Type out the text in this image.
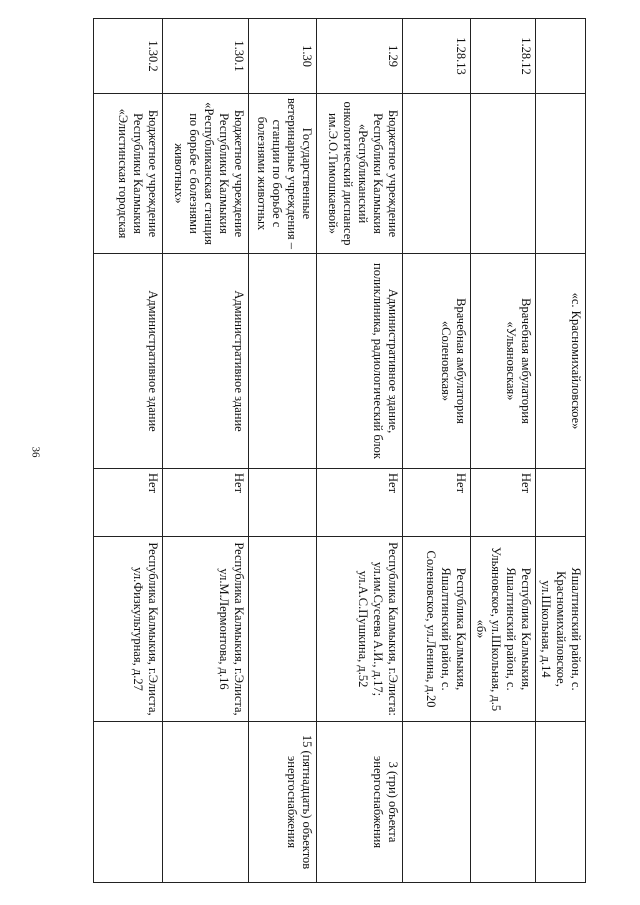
36
		«с. Красномихайловское»		Яшалтинский район, с. Красномихайловское, ул.Школьная, д.14	
1.28.12		Врачебная амбулатория «Ульяновская»	Нет	Республика Калмыкия, Яшалтинский район, с. Ульяновское, ул.Школьная, д.5 «б»	
1.28.13		Врачебная амбулатория «Соленовская»	Нет	Республика Калмыкия, Яшалтинский район, с. Соленовское, ул.Ленина, д.20	
1.29	Бюджетное учреждение Республики Калмыкия «Республиканский онкологический диспансер им.Э.О.Тимошкаевой»	Административное здание, поликлиника, радиологический блок	Нет	Республика Калмыкия, г.Элиста: ул.им.Сусеева А.И., д.17; ул.А.С.Пушкина, д.52	3 (три) объекта энергоснабжения
1.30	Государственные ветеринарные учреждения – станции по борьбе с болезнями животных				15 (пятнадцать) объектов энергоснабжения
1.30.1	Бюджетное учреждение Республики Калмыкия «Республиканская станция по борьбе с болезнями животных»	Административное здание	Нет	Республика Калмыкия, г.Элиста, ул.М.Лермонтова, д.16	
1.30.2	Бюджетное учреждение Республики Калмыкия «Элистинская городская	Административное здание	Нет	Республика Калмыкия, г.Элиста, ул.Физкультурная, д.27	
